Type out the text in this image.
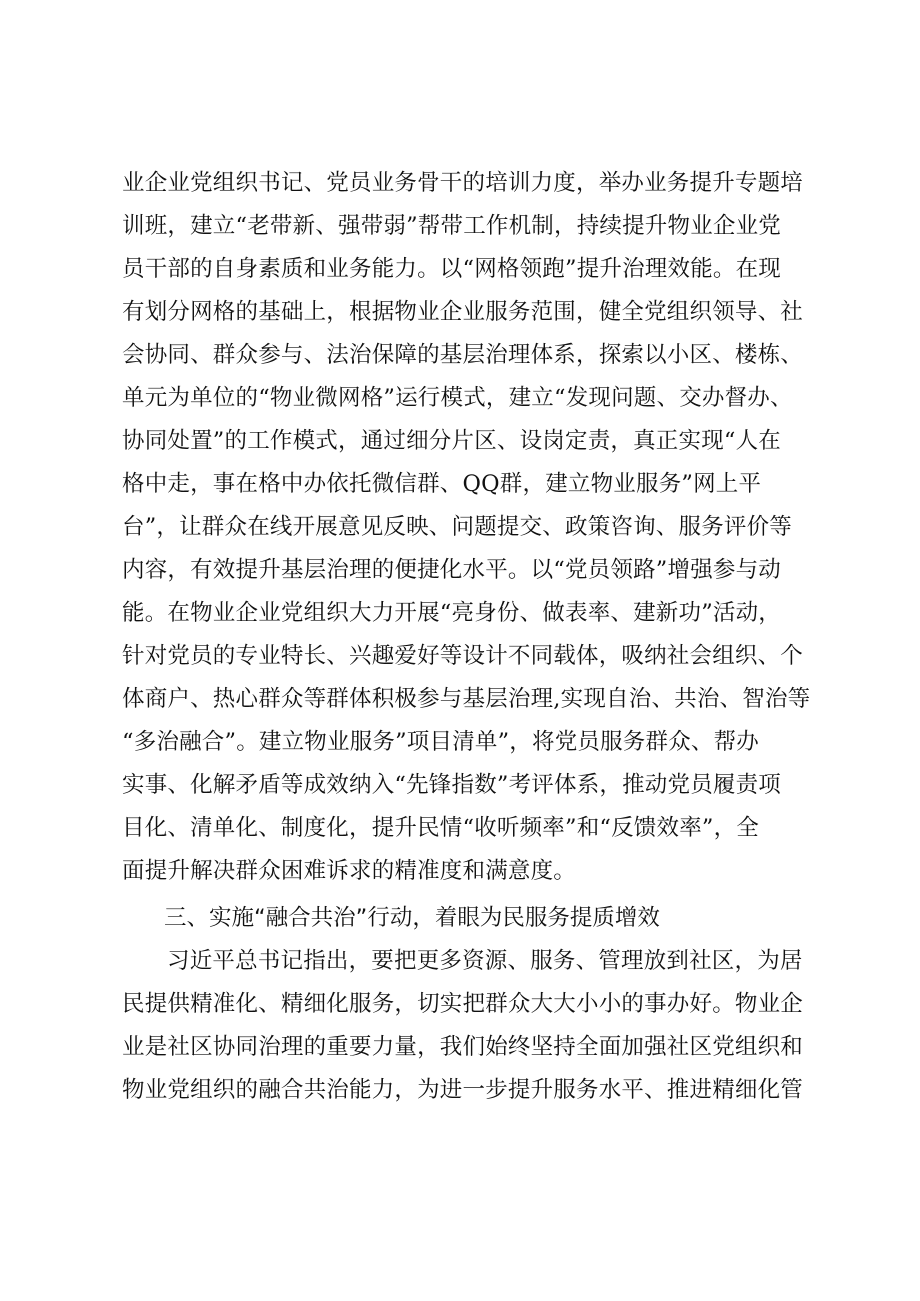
业企业党组织书记、党员业务骨干的培训力度，举办业务提升专题培
训班，建立“老带新、强带弱”帮带工作机制，持续提升物业企业党
员干部的自身素质和业务能力。以“网格领跑”提升治理效能。在现
有划分网格的基础上，根据物业企业服务范围，健全党组织领导、社
会协同、群众参与、法治保障的基层治理体系，探索以小区、楼栋、
单元为单位的“物业微网格”运行模式，建立“发现问题、交办督办、
协同处置”的工作模式，通过细分片区、设岗定责，真正实现“人在
格中走，事在格中办依托微信群、QQ群，建立物业服务”网上平
台”，让群众在线开展意见反映、问题提交、政策咨询、服务评价等
内容，有效提升基层治理的便捷化水平。以“党员领路”增强参与动
能。在物业企业党组织大力开展“亮身份、做表率、建新功”活动，
针对党员的专业特长、兴趣爱好等设计不同载体，吸纳社会组织、个
体商户、热心群众等群体积极参与基层治理,实现自治、共治、智治等
“多治融合”。建立物业服务”项目清单”，将党员服务群众、帮办
实事、化解矛盾等成效纳入“先锋指数”考评体系，推动党员履责项
目化、清单化、制度化，提升民情“收听频率”和“反馈效率”，全
面提升解决群众困难诉求的精准度和满意度。
三、实施“融合共治”行动，着眼为民服务提质增效
习近平总书记指出，要把更多资源、服务、管理放到社区，为居
民提供精准化、精细化服务，切实把群众大大小小的事办好。物业企
业是社区协同治理的重要力量，我们始终坚持全面加强社区党组织和
物业党组织的融合共治能力，为进一步提升服务水平、推进精细化管
